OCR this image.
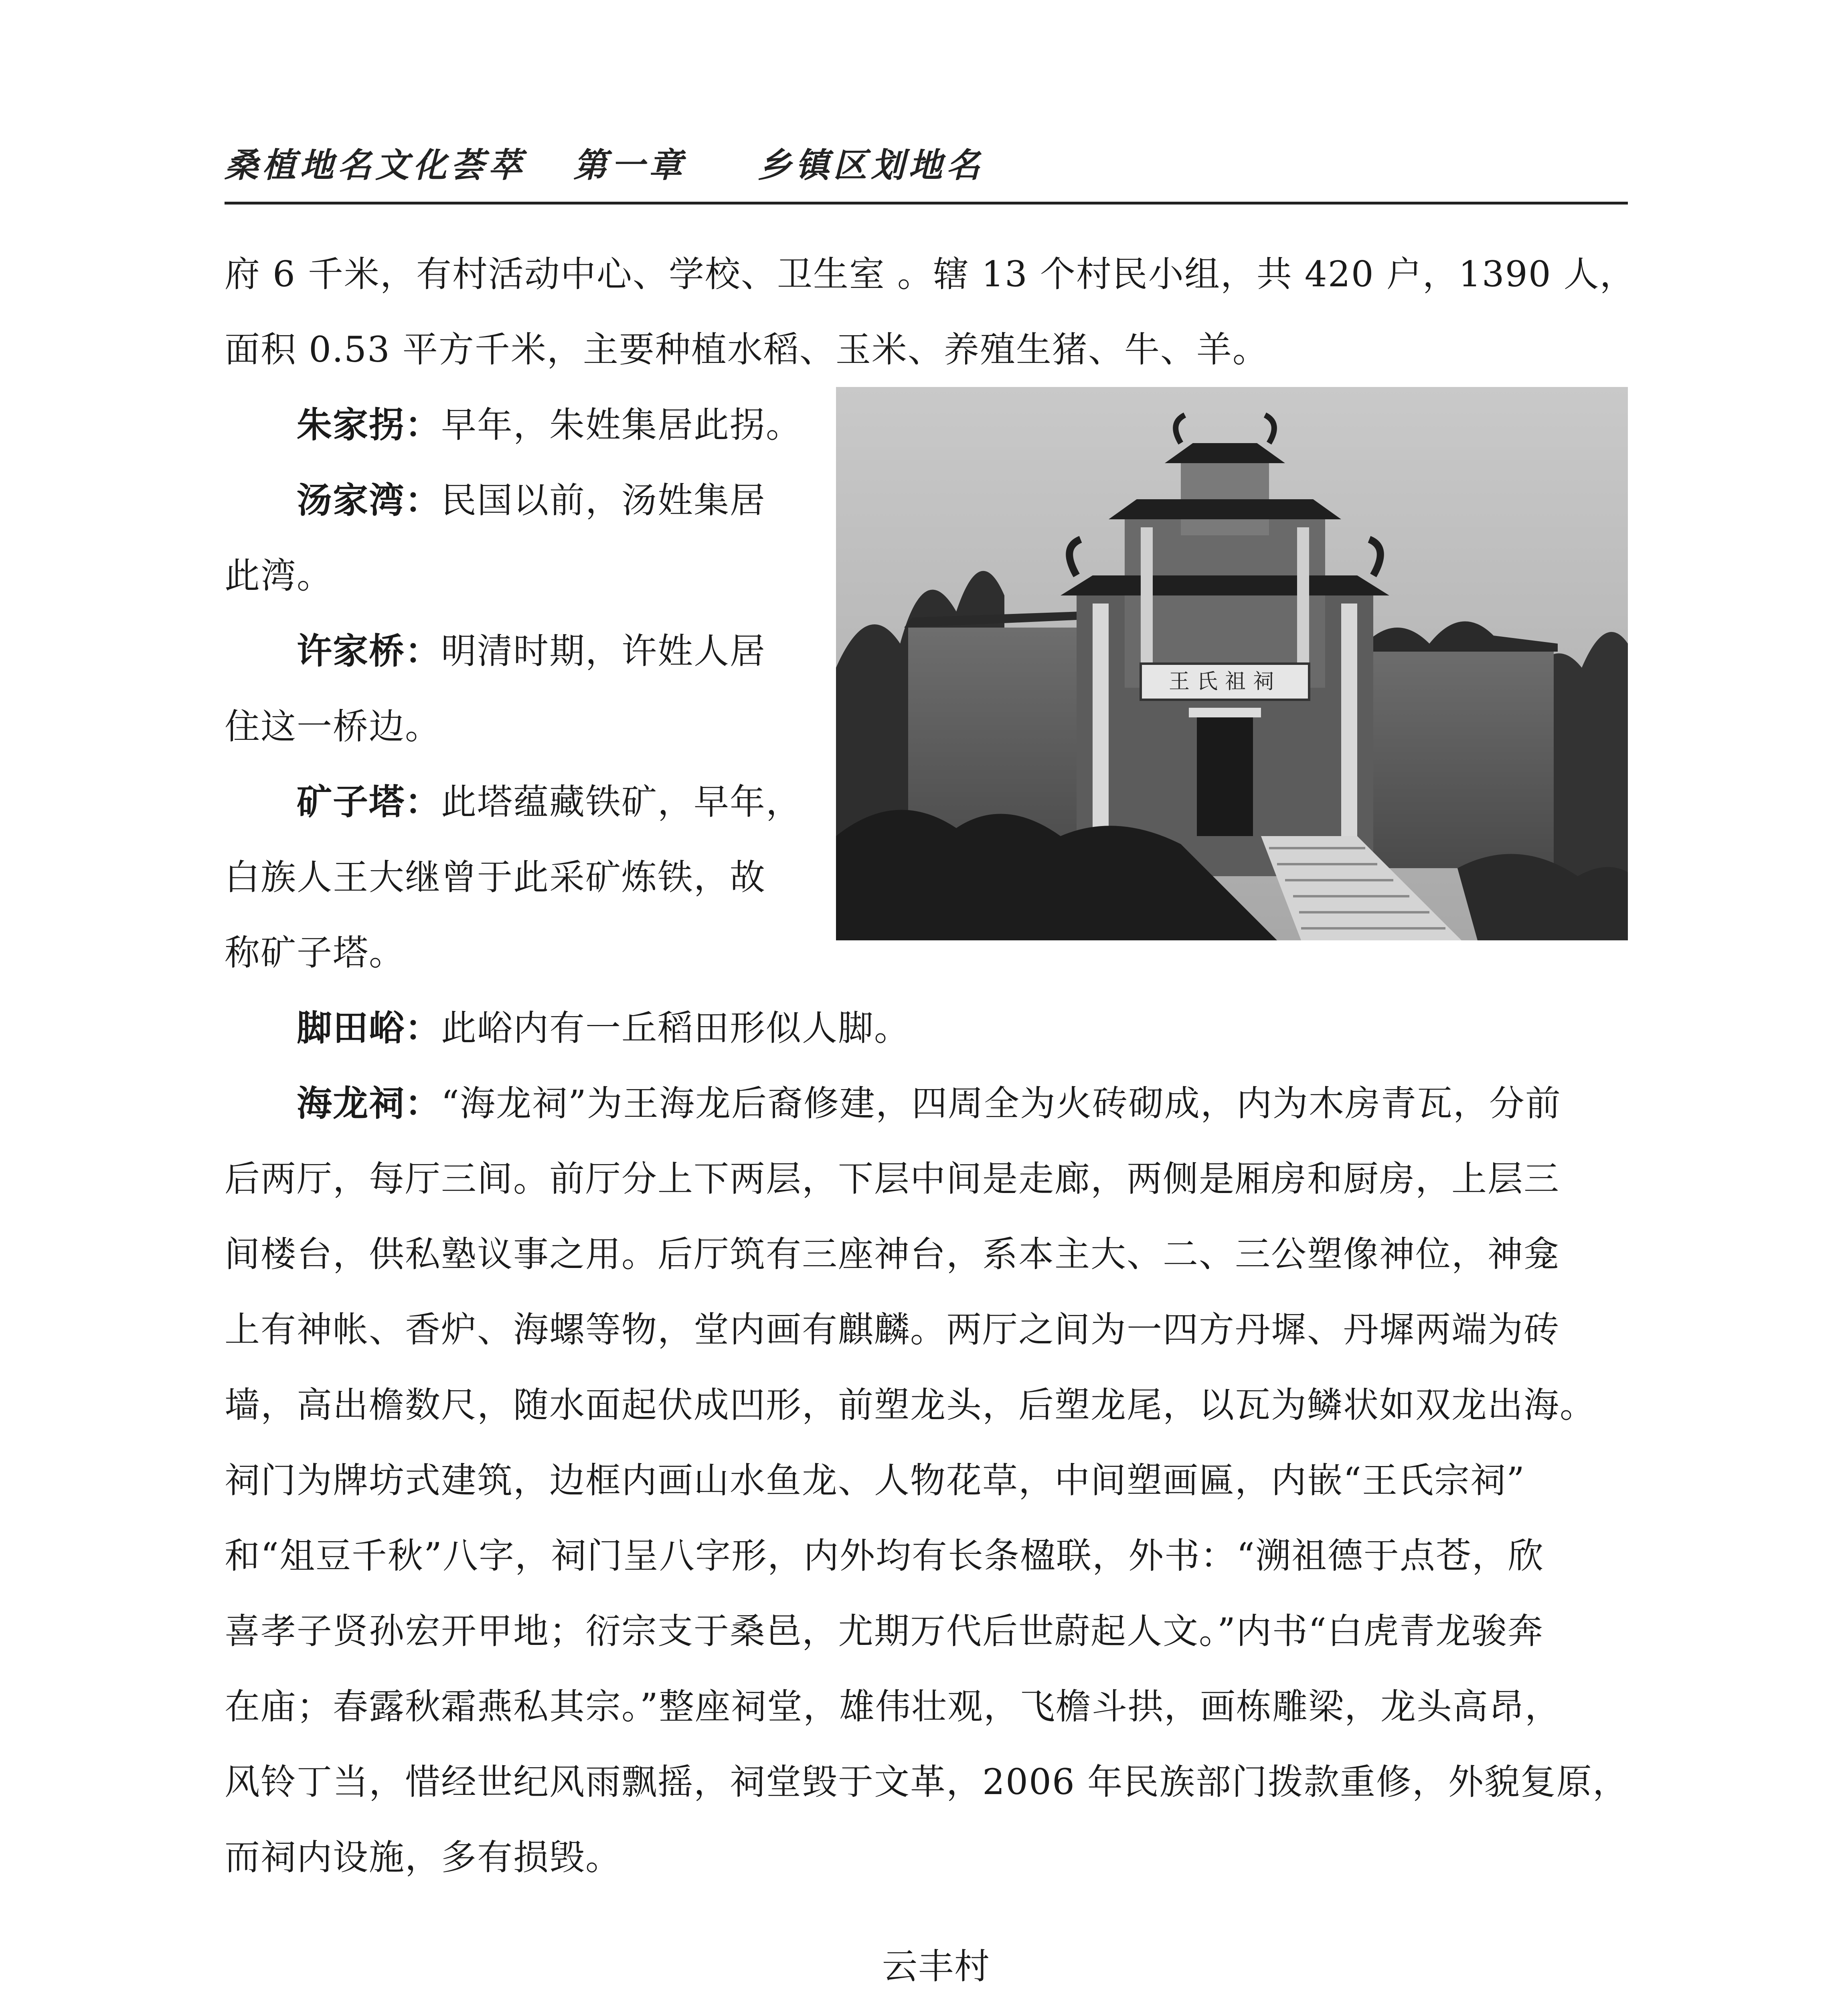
桑植地名文化荟萃 第一章 乡镇区划地名
府 6 千米，有村活动中心、学校、卫生室 。辖 13 个村民小组，共 420 户，1390 人，
面积 0.53 平方千米，主要种植水稻、玉米、养殖生猪、牛、羊。
朱家拐：早年，朱姓集居此拐。
汤家湾：民国以前，汤姓集居
此湾。
许家桥：明清时期，许姓人居
住这一桥边。
矿子塔：此塔蕴藏铁矿，早年，
白族人王大继曾于此采矿炼铁，故
称矿子塔。
王氏祖祠
脚田峪：此峪内有一丘稻田形似人脚。
海龙祠：“海龙祠”为王海龙后裔修建，四周全为火砖砌成，内为木房青瓦，分前
后两厅，每厅三间。前厅分上下两层，下层中间是走廊，两侧是厢房和厨房，上层三
间楼台，供私塾议事之用。后厅筑有三座神台，系本主大、二、三公塑像神位，神龛
上有神帐、香炉、海螺等物，堂内画有麒麟。两厅之间为一四方丹墀、丹墀两端为砖
墙，高出檐数尺，随水面起伏成凹形，前塑龙头，后塑龙尾，以瓦为鳞状如双龙出海。
祠门为牌坊式建筑，边框内画山水鱼龙、人物花草，中间塑画匾，内嵌“王氏宗祠”
和“俎豆千秋”八字，祠门呈八字形，内外均有长条楹联，外书：“溯祖德于点苍，欣
喜孝子贤孙宏开甲地；衍宗支于桑邑，尤期万代后世蔚起人文。”内书“白虎青龙骏奔
在庙；春露秋霜燕私其宗。”整座祠堂，雄伟壮观，飞檐斗拱，画栋雕梁，龙头高昂，
风铃丁当，惜经世纪风雨飘摇，祠堂毁于文革，2006 年民族部门拨款重修，外貌复原，
而祠内设施，多有损毁。
云丰村
